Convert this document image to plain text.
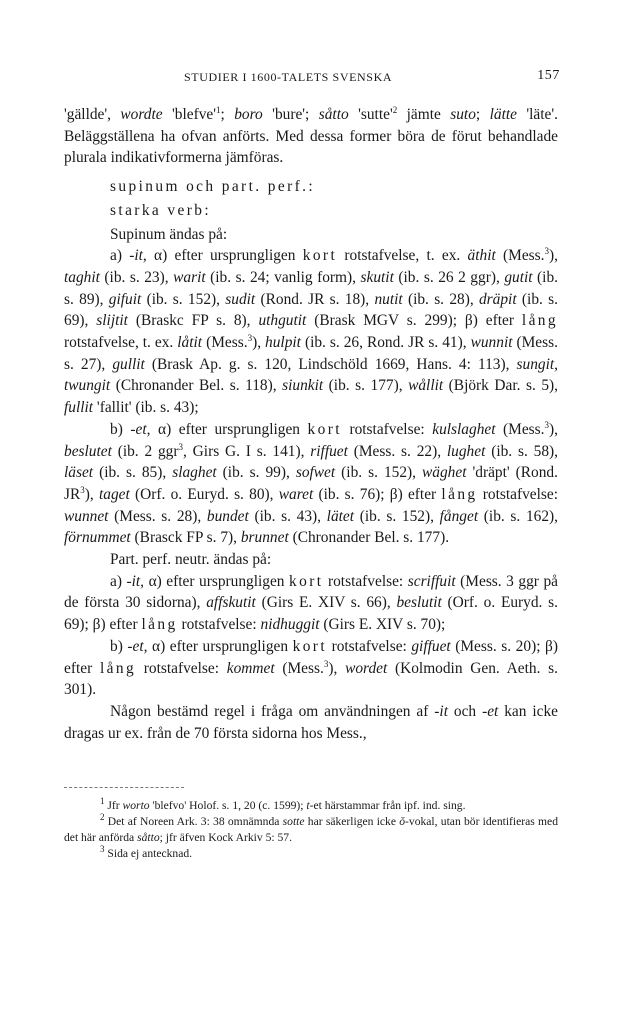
STUDIER I 1600-TALETS SVENSKA	157

'gällde', wordte '$blefve'^1$; boro 'bure'; såtto '$sutte'^2$ jämte suto; lätte 'läte'. Beläggställena ha ofvan anförts. Med dessa former böra de förut behandlade plurala indikativformerna jämföras.

supinum och part. perf.:

starka verb:

Supinum ändas på:

a) -it, α) efter ursprungligen kort rotstafvelse, t. ex. äthit (Mess.$^3$), taghit (ib. s. 23), warit (ib. s. 24; vanlig form), skutit (ib. s. 26 2 ggr), gutit (ib. s. 89), gifuit (ib. s. 152), sudit (Rond. JR s. 18), nutit (ib. s. 28), dräpit (ib. s. 69), slijtit (Braskc FP s. 8), uthgutit (Brask MGV s. 299); β) efter lång rotstafvelse, t. ex. låtit (Mess.$^3$), hulpit (ib. s. 26, Rond. JR s. 41), wunnit (Mess. s. 27), gullit (Brask Ap. g. s. 120, Lindschöld 1669, Hans. 4: 113), sungit, twungit (Chronander Bel. s. 118), siunkit (ib. s. 177), wållit (Björk Dar. s. 5), fullit 'fallit' (ib. s. 43);

b) -et, α) efter ursprungligen kort rotstafvelse: kulslaghet (Mess.$^3$), beslutet (ib. 2 ggr$^3$, Girs G. I s. 141), riffuet (Mess. s. 22), lughet (ib. s. 58), läset (ib. s. 85), slaghet (ib. s. 99), sofwet (ib. s. 152), wäghet 'dräpt' (Rond. $JR^3$), taget (Orf. o. Euryd. s. 80), waret (ib. s. 76); β) efter lång rotstafvelse: wunnet (Mess. s. 28), bundet (ib. s. 43), lätet (ib. s. 152), fånget (ib. s. 162), förnummet (Brasck FP s. 7), brunnet (Chronander Bel. s. 177).

Part. perf. neutr. ändas på:

a) -it, α) efter ursprungligen kort rotstafvelse: scriffuit (Mess. 3 ggr på de första 30 sidorna), affskutit (Girs E. XIV s. 66), beslutit (Orf. o. Euryd. s. 69); β) efter lång rotstafvelse: nidhuggit (Girs E. XIV s. 70);

b) -et, α) efter ursprungligen kort rotstafvelse: giffuet (Mess. s. 20); β) efter lång rotstafvelse: kommet (Mess.$^3$), wordet (Kolmodin Gen. Aeth. s. 301).

Någon bestämd regel i fråga om användningen af -it och -et kan icke dragas ur ex. från de 70 första sidorna hos Mess.,

$^1$ Jfr worto 'blefvo' Holof. s. 1, 20 (c. 1599); t-et härstammar från ipf. ind. sing.

$^2$ Det af Noreen Ark. 3: 38 omnämnda sotte har säkerligen icke ŏ-vokal, utan bör identifieras med det här anförda såtto; jfr äfven Kock Arkiv 5: 57.

$^3$ Sida ej antecknad.
